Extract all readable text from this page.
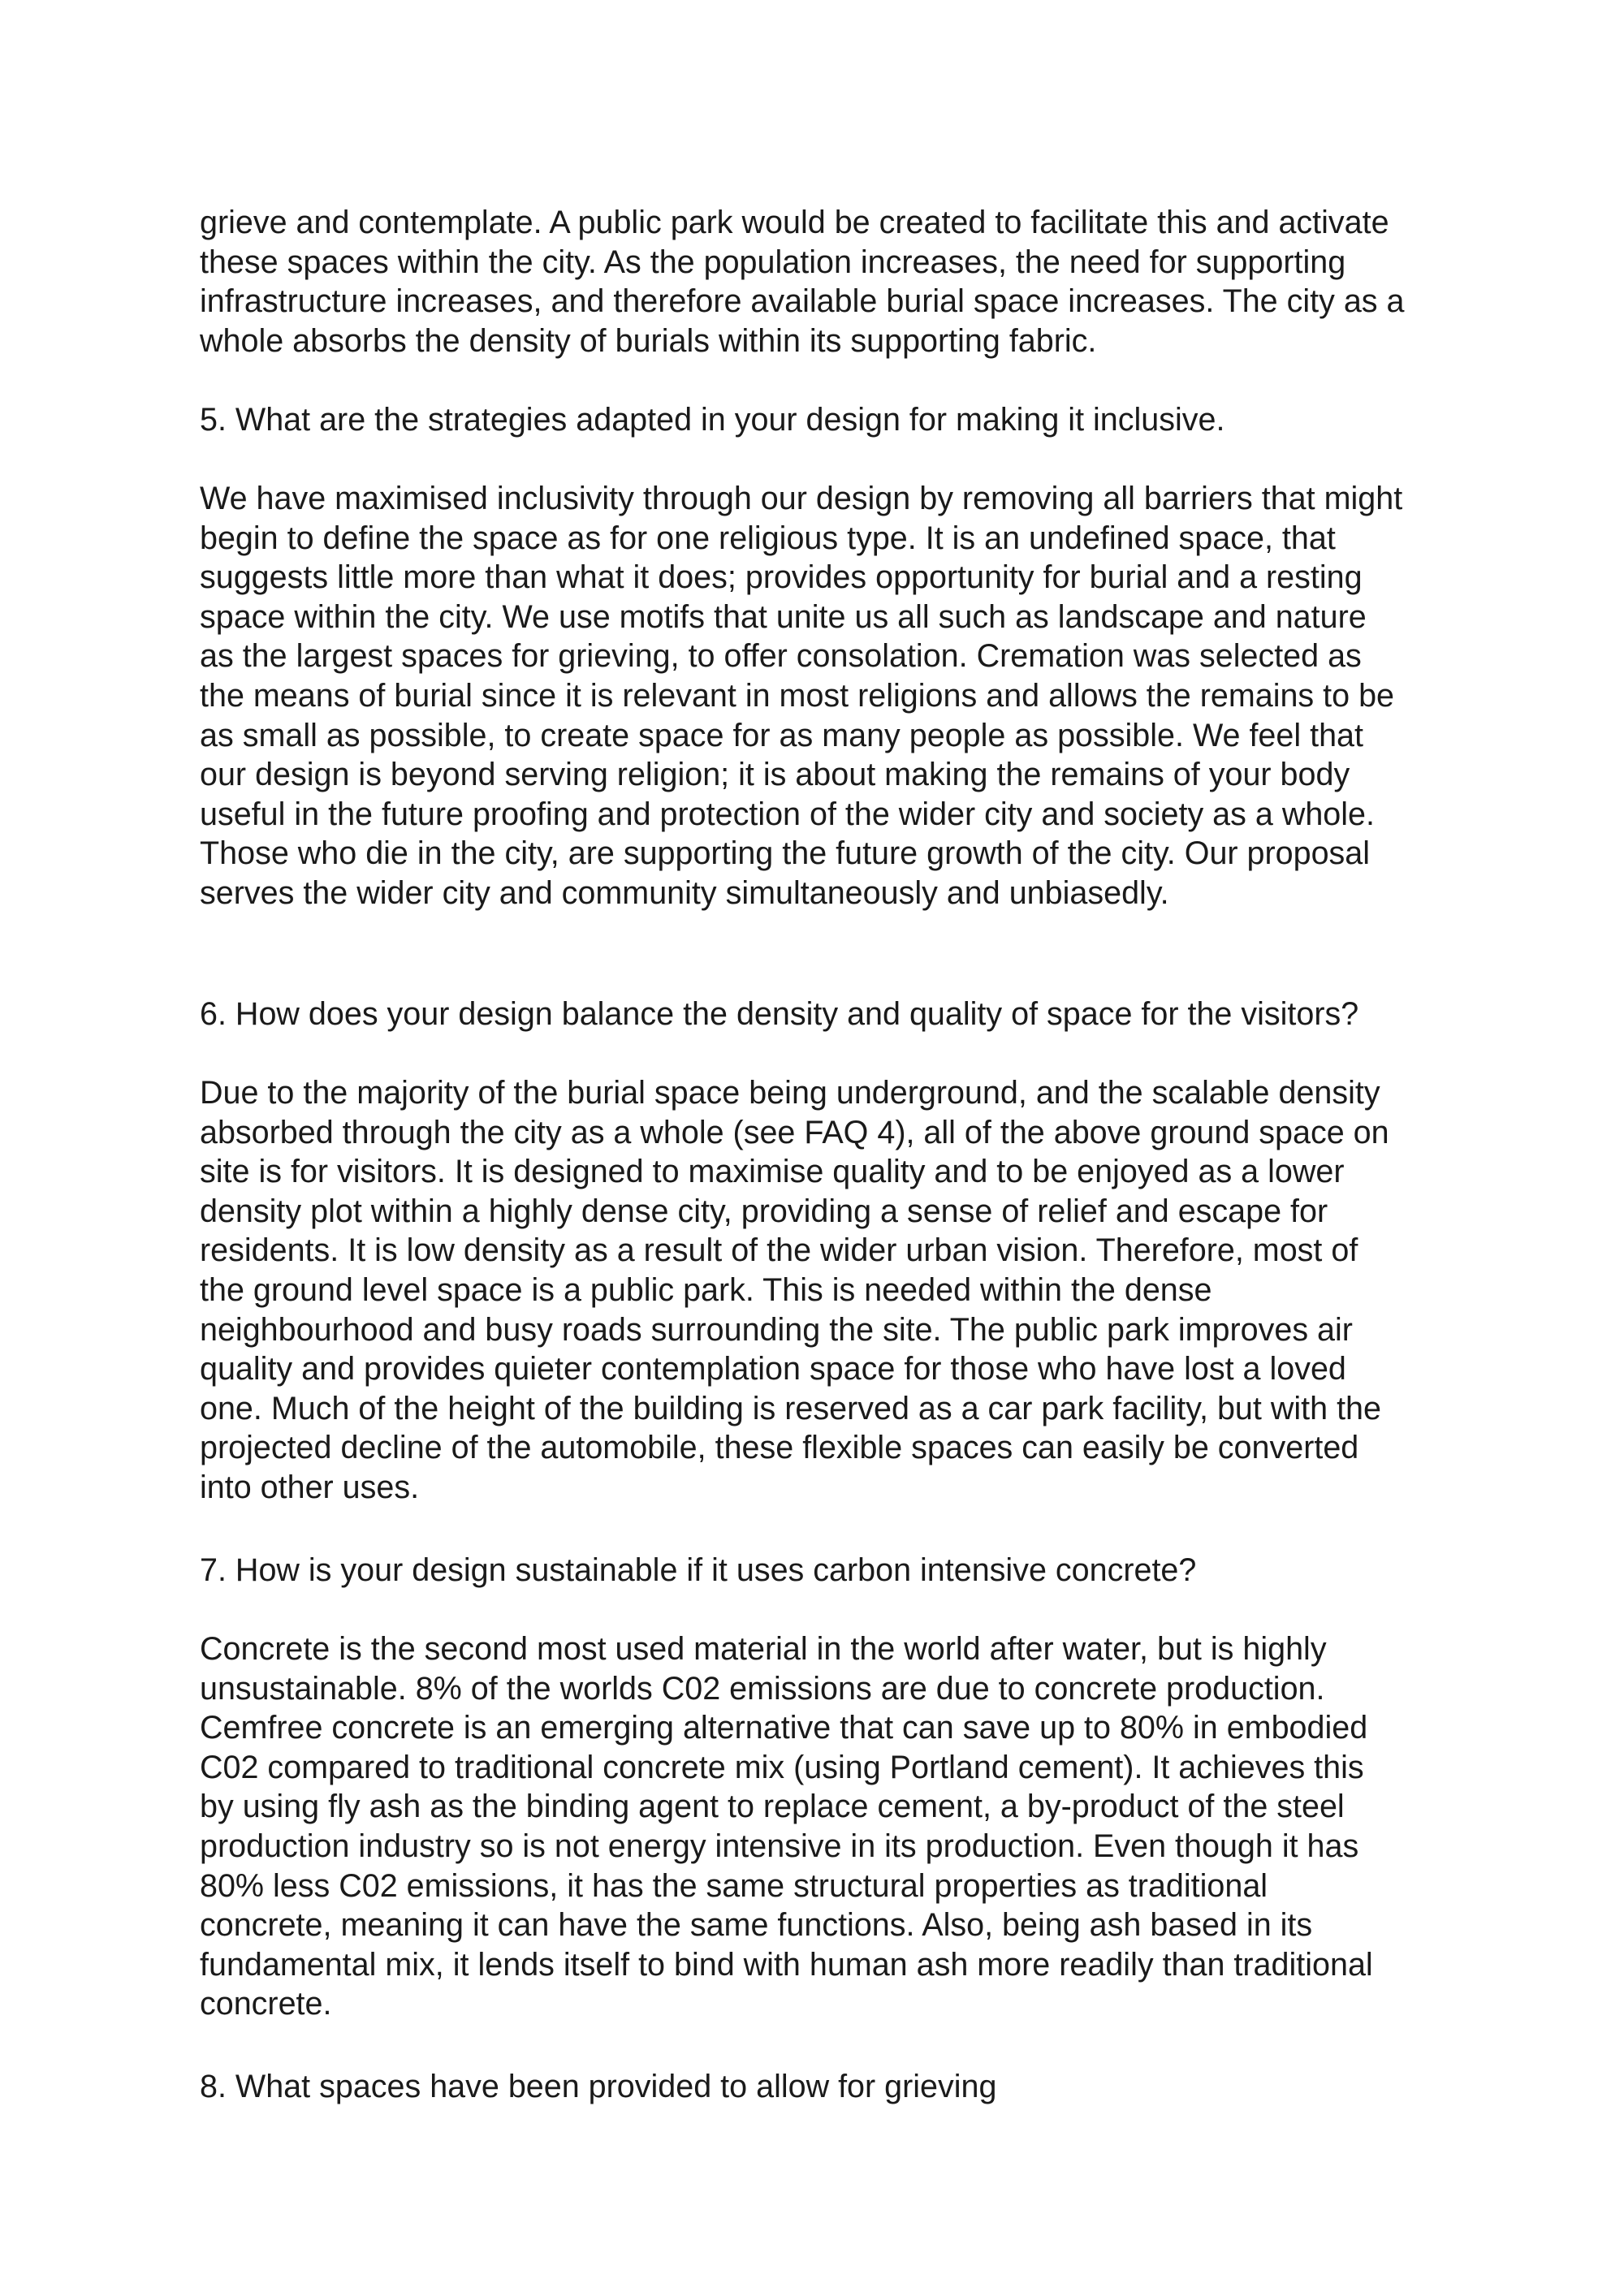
grieve and contemplate. A public park would be created to facilitate this and activate
these spaces within the city. As the population increases, the need for supporting
infrastructure increases, and therefore available burial space increases. The city as a
whole absorbs the density of burials within its supporting fabric.
5. What are the strategies adapted in your design for making it inclusive.
We have maximised inclusivity through our design by removing all barriers that might
begin to define the space as for one religious type. It is an undefined space, that
suggests little more than what it does; provides opportunity for burial and a resting
space within the city. We use motifs that unite us all such as landscape and nature
as the largest spaces for grieving, to offer consolation. Cremation was selected as
the means of burial since it is relevant in most religions and allows the remains to be
as small as possible, to create space for as many people as possible. We feel that
our design is beyond serving religion; it is about making the remains of your body
useful in the future proofing and protection of the wider city and society as a whole.
Those who die in the city, are supporting the future growth of the city. Our proposal
serves the wider city and community simultaneously and unbiasedly.
6. How does your design balance the density and quality of space for the visitors?
Due to the majority of the burial space being underground, and the scalable density
absorbed through the city as a whole (see FAQ 4), all of the above ground space on
site is for visitors. It is designed to maximise quality and to be enjoyed as a lower
density plot within a highly dense city, providing a sense of relief and escape for
residents. It is low density as a result of the wider urban vision. Therefore, most of
the ground level space is a public park. This is needed within the dense
neighbourhood and busy roads surrounding the site. The public park improves air
quality and provides quieter contemplation space for those who have lost a loved
one. Much of the height of the building is reserved as a car park facility, but with the
projected decline of the automobile, these flexible spaces can easily be converted
into other uses.
7. How is your design sustainable if it uses carbon intensive concrete?
Concrete is the second most used material in the world after water, but is highly
unsustainable. 8% of the worlds C02 emissions are due to concrete production.
Cemfree concrete is an emerging alternative that can save up to 80% in embodied
C02 compared to traditional concrete mix (using Portland cement). It achieves this
by using fly ash as the binding agent to replace cement, a by-product of the steel
production industry so is not energy intensive in its production. Even though it has
80% less C02 emissions, it has the same structural properties as traditional
concrete, meaning it can have the same functions. Also, being ash based in its
fundamental mix, it lends itself to bind with human ash more readily than traditional
concrete.
8. What spaces have been provided to allow for grieving
